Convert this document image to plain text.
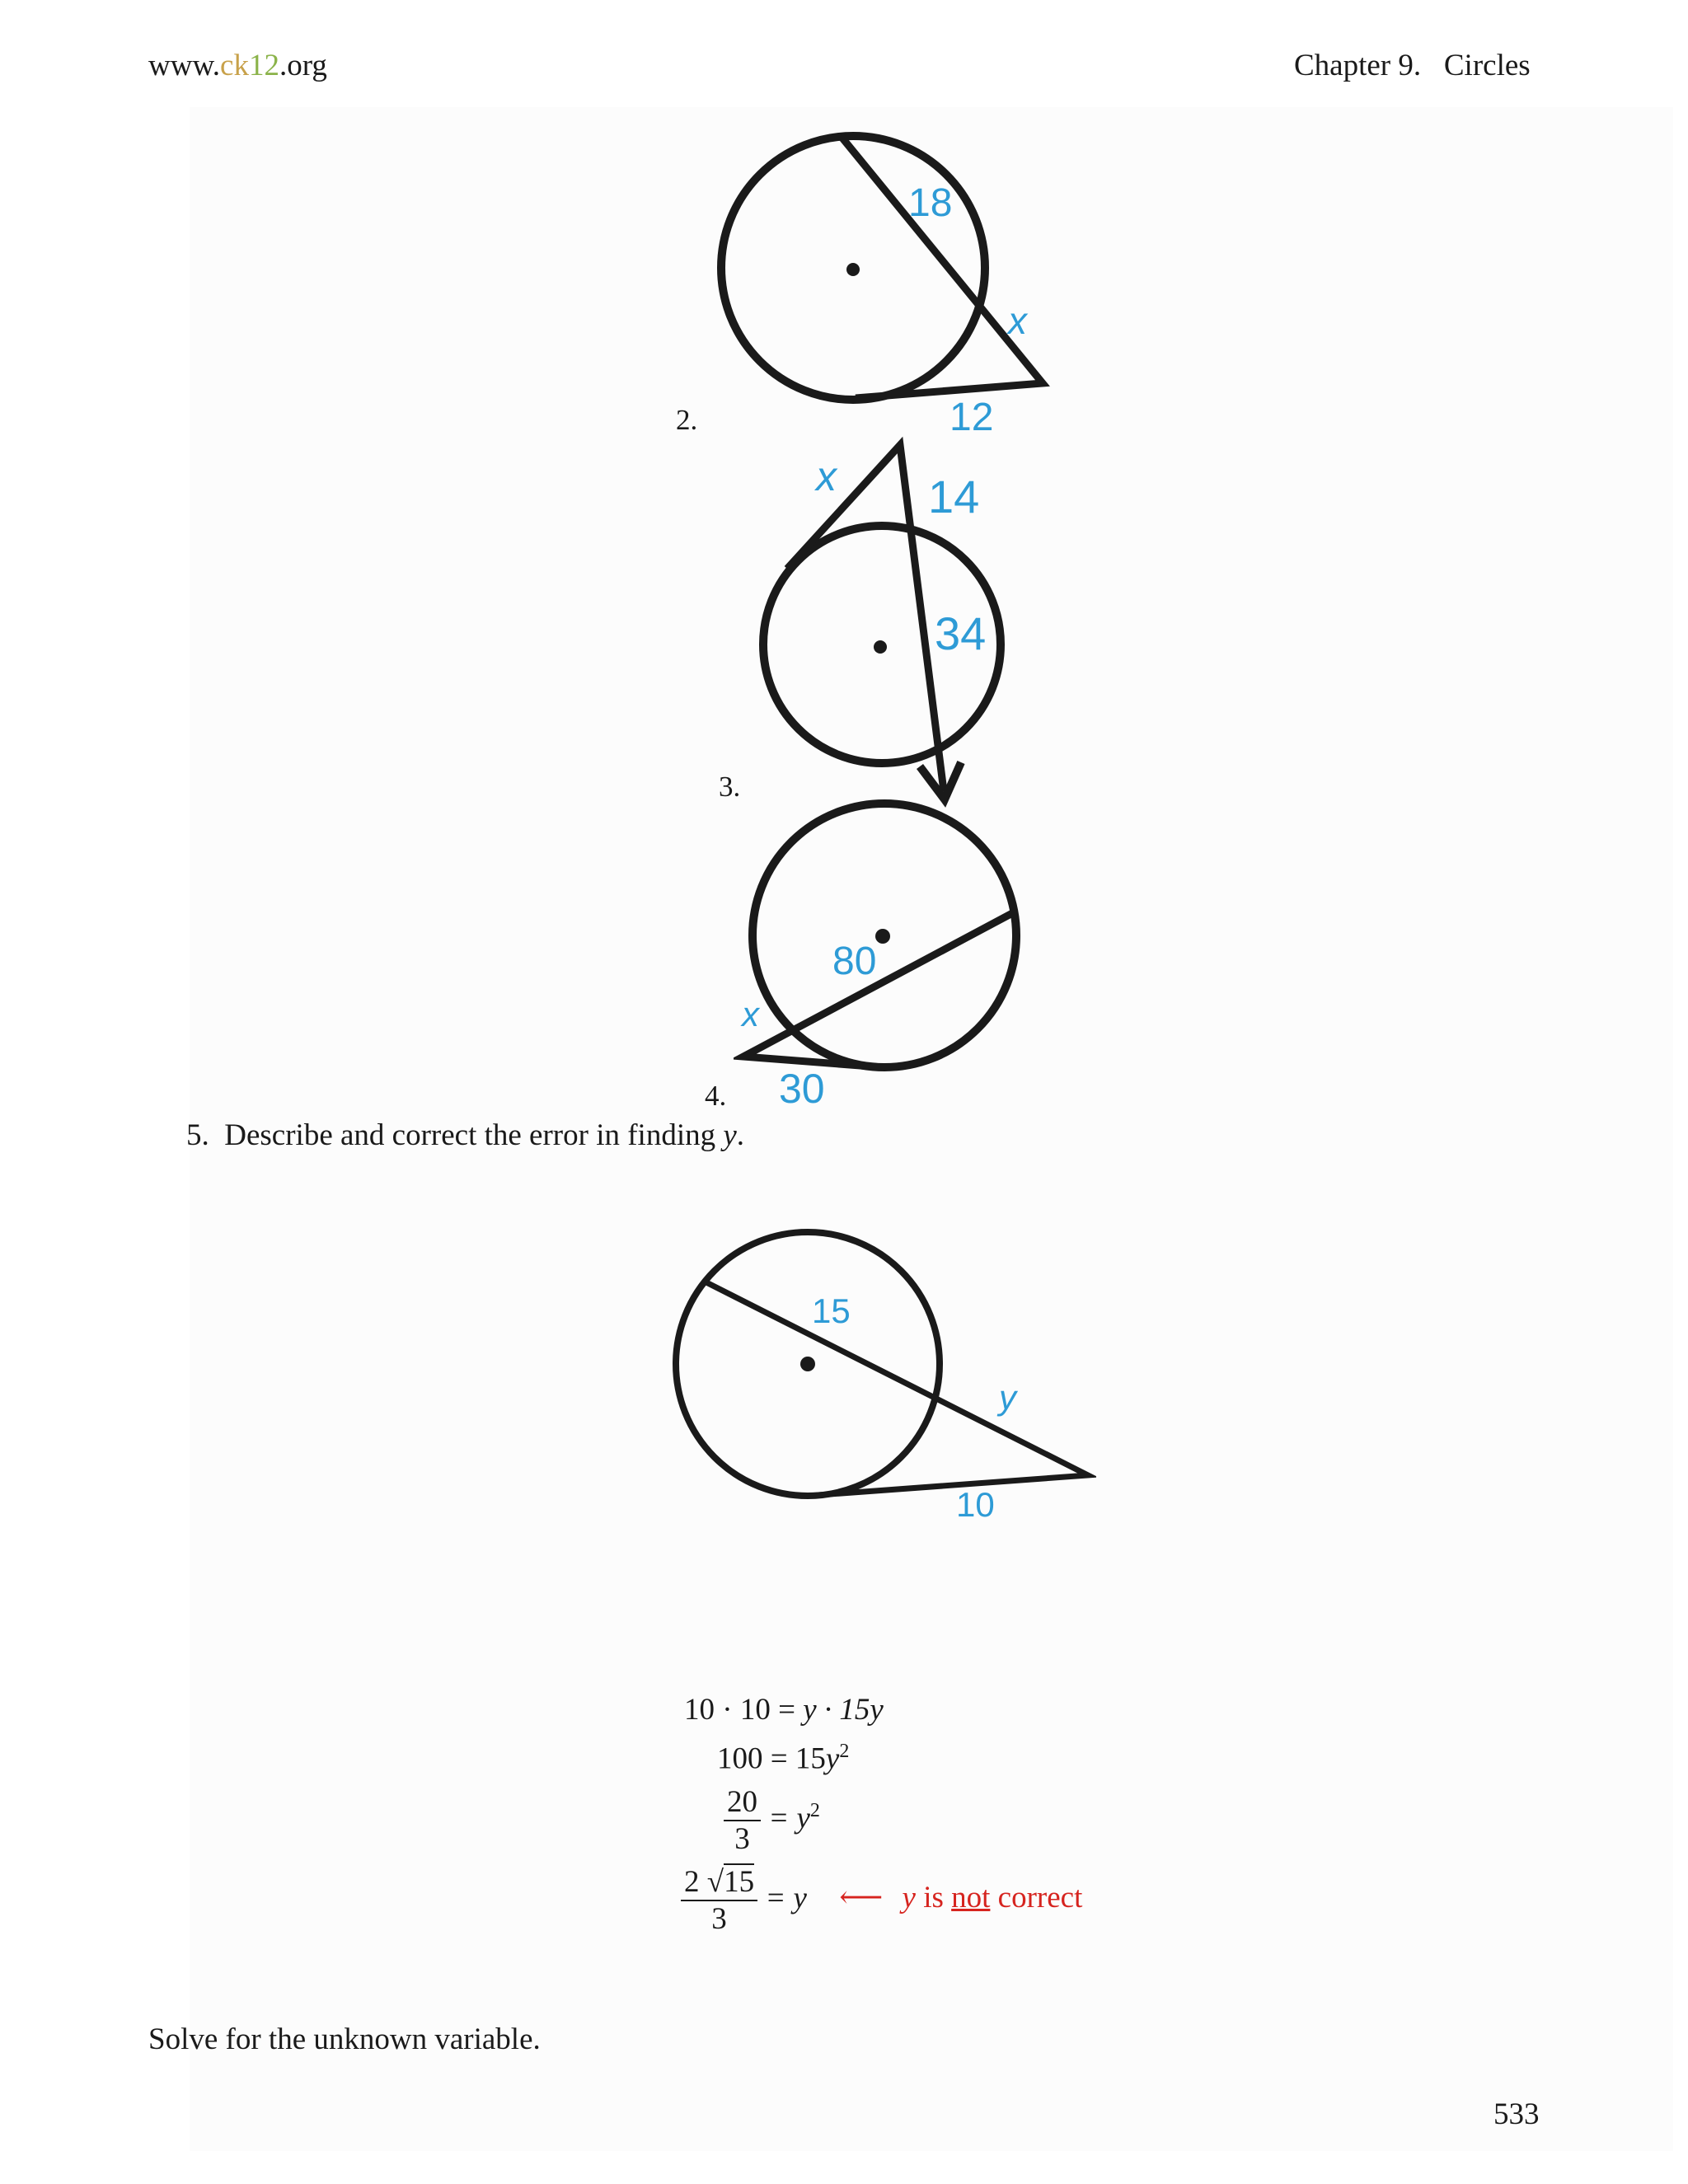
www.ck12.org	Chapter 9. Circles
18
x
12
2.
x 14
34
3.
80
x
30
4.
5. Describe and correct the error in finding y.
15
y
10
10 · 10 = y · 15y
$100 = 15y^2$
$\frac{20}{3} = y^2$
$\frac{2 √15}{3} = y$ ⟵ y is not correct
Solve for the unknown variable.
533
